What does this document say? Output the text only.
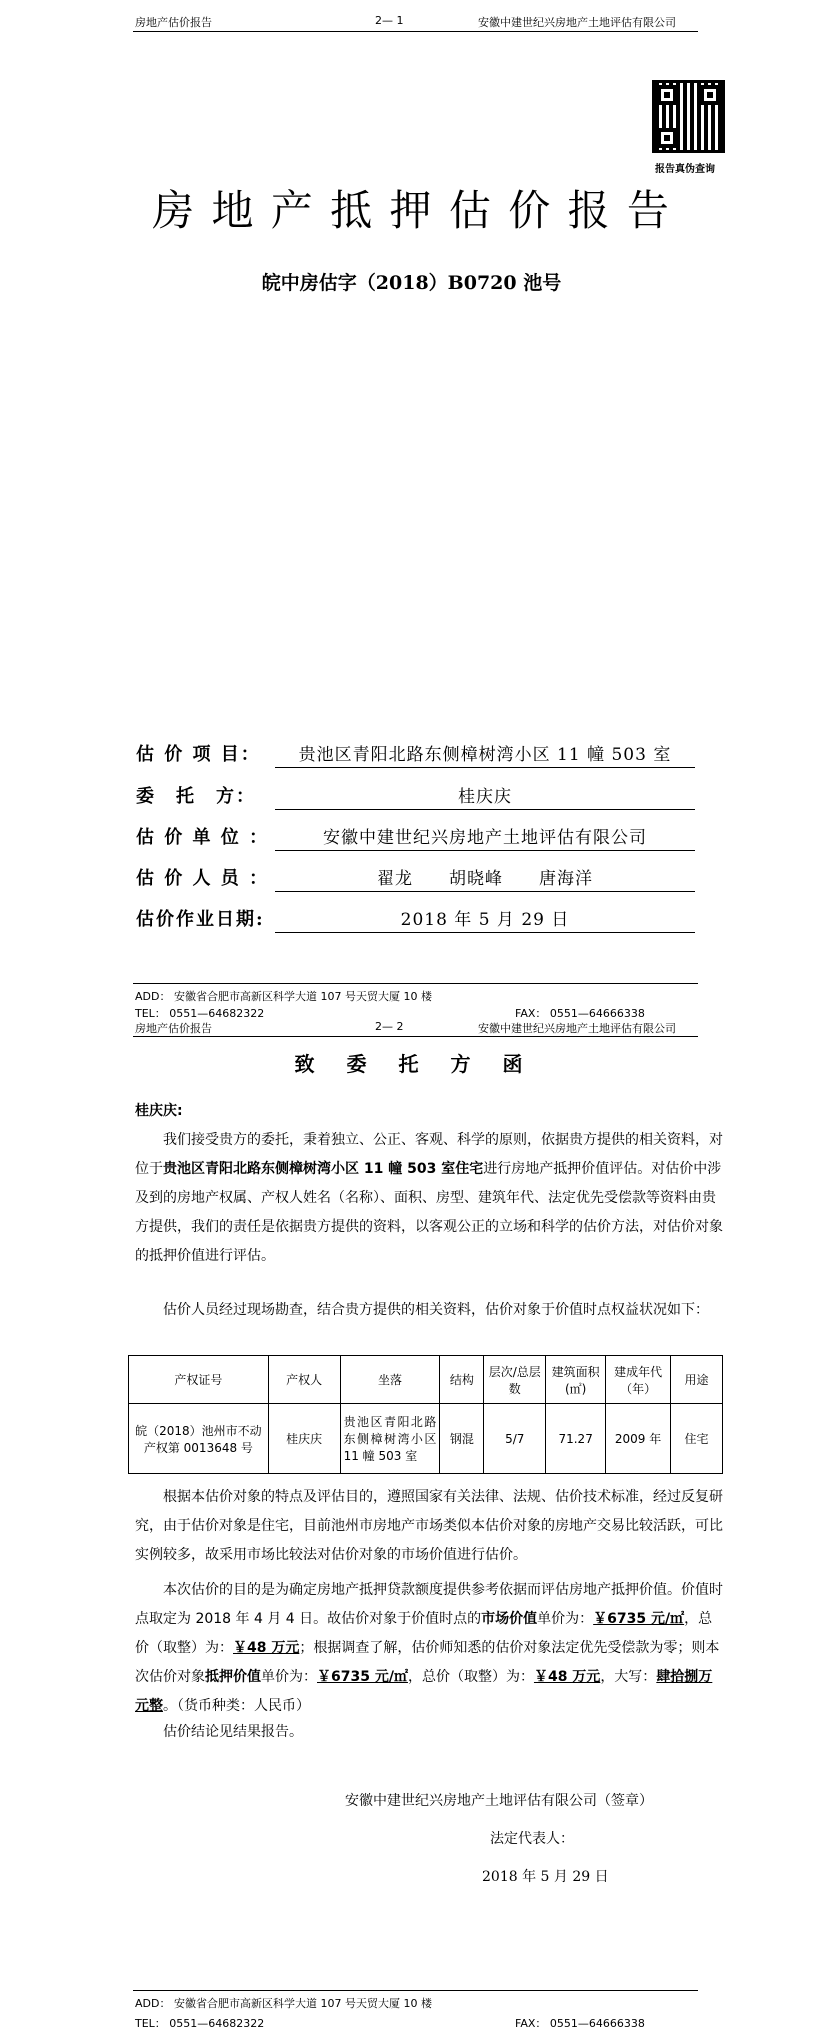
房地产估价报告	2— 1	安徽中建世纪兴房地产土地评估有限公司
报告真伪查询
房 地 产 抵 押 估 价 报 告
皖中房估字（2018）B0720 池号
估 价 项 目：	贵池区青阳北路东侧樟树湾小区 11 幢 503 室
委　托　方：	桂庆庆
估 价 单 位 ：	安徽中建世纪兴房地产土地评估有限公司
估 价 人 员 ：	翟龙　　胡晓峰　　唐海洋
估价作业日期:	2018 年 5 月 29 日
ADD： 安徽省合肥市高新区科学大道 107 号天贸大厦 10 楼
TEL： 0551—64682322	FAX： 0551—64666338
房地产估价报告	2— 2	安徽中建世纪兴房地产土地评估有限公司
致　委　托　方　函
桂庆庆:
我们接受贵方的委托，秉着独立、公正、客观、科学的原则，依据贵方提供的相关资料，对位于贵池区青阳北路东侧樟树湾小区 11 幢 503 室住宅进行房地产抵押价值评估。对估价中涉及到的房地产权属、产权人姓名（名称）、面积、房型、建筑年代、法定优先受偿款等资料由贵方提供，我们的责任是依据贵方提供的资料，以客观公正的立场和科学的估价方法，对估价对象的抵押价值进行评估。
估价人员经过现场勘查，结合贵方提供的相关资料，估价对象于价值时点权益状况如下：
产权证号	产权人	坐落	结构	层次/总层数	建筑面积(㎡)	建成年代（年）	用途
皖（2018）池州市不动产权第 0013648 号	桂庆庆	贵池区青阳北路东侧樟树湾小区 11 幢 503 室	钢混	5/7	71.27	2009 年	住宅
根据本估价对象的特点及评估目的，遵照国家有关法律、法规、估价技术标准，经过反复研究，由于估价对象是住宅，目前池州市房地产市场类似本估价对象的房地产交易比较活跃，可比实例较多，故采用市场比较法对估价对象的市场价值进行估价。
本次估价的目的是为确定房地产抵押贷款额度提供参考依据而评估房地产抵押价值。价值时点取定为 2018 年 4 月 4 日。故估价对象于价值时点的市场价值单价为：￥6735 元/㎡，总价（取整）为：￥48 万元；根据调查了解，估价师知悉的估价对象法定优先受偿款为零；则本次估价对象抵押价值单价为：￥6735 元/㎡，总价（取整）为：￥48 万元，大写：肆拾捌万元整。（货币种类：人民币）
估价结论见结果报告。
安徽中建世纪兴房地产土地评估有限公司（签章）
法定代表人：
2018 年 5 月 29 日
ADD： 安徽省合肥市高新区科学大道 107 号天贸大厦 10 楼
TEL： 0551—64682322	FAX： 0551—64666338
